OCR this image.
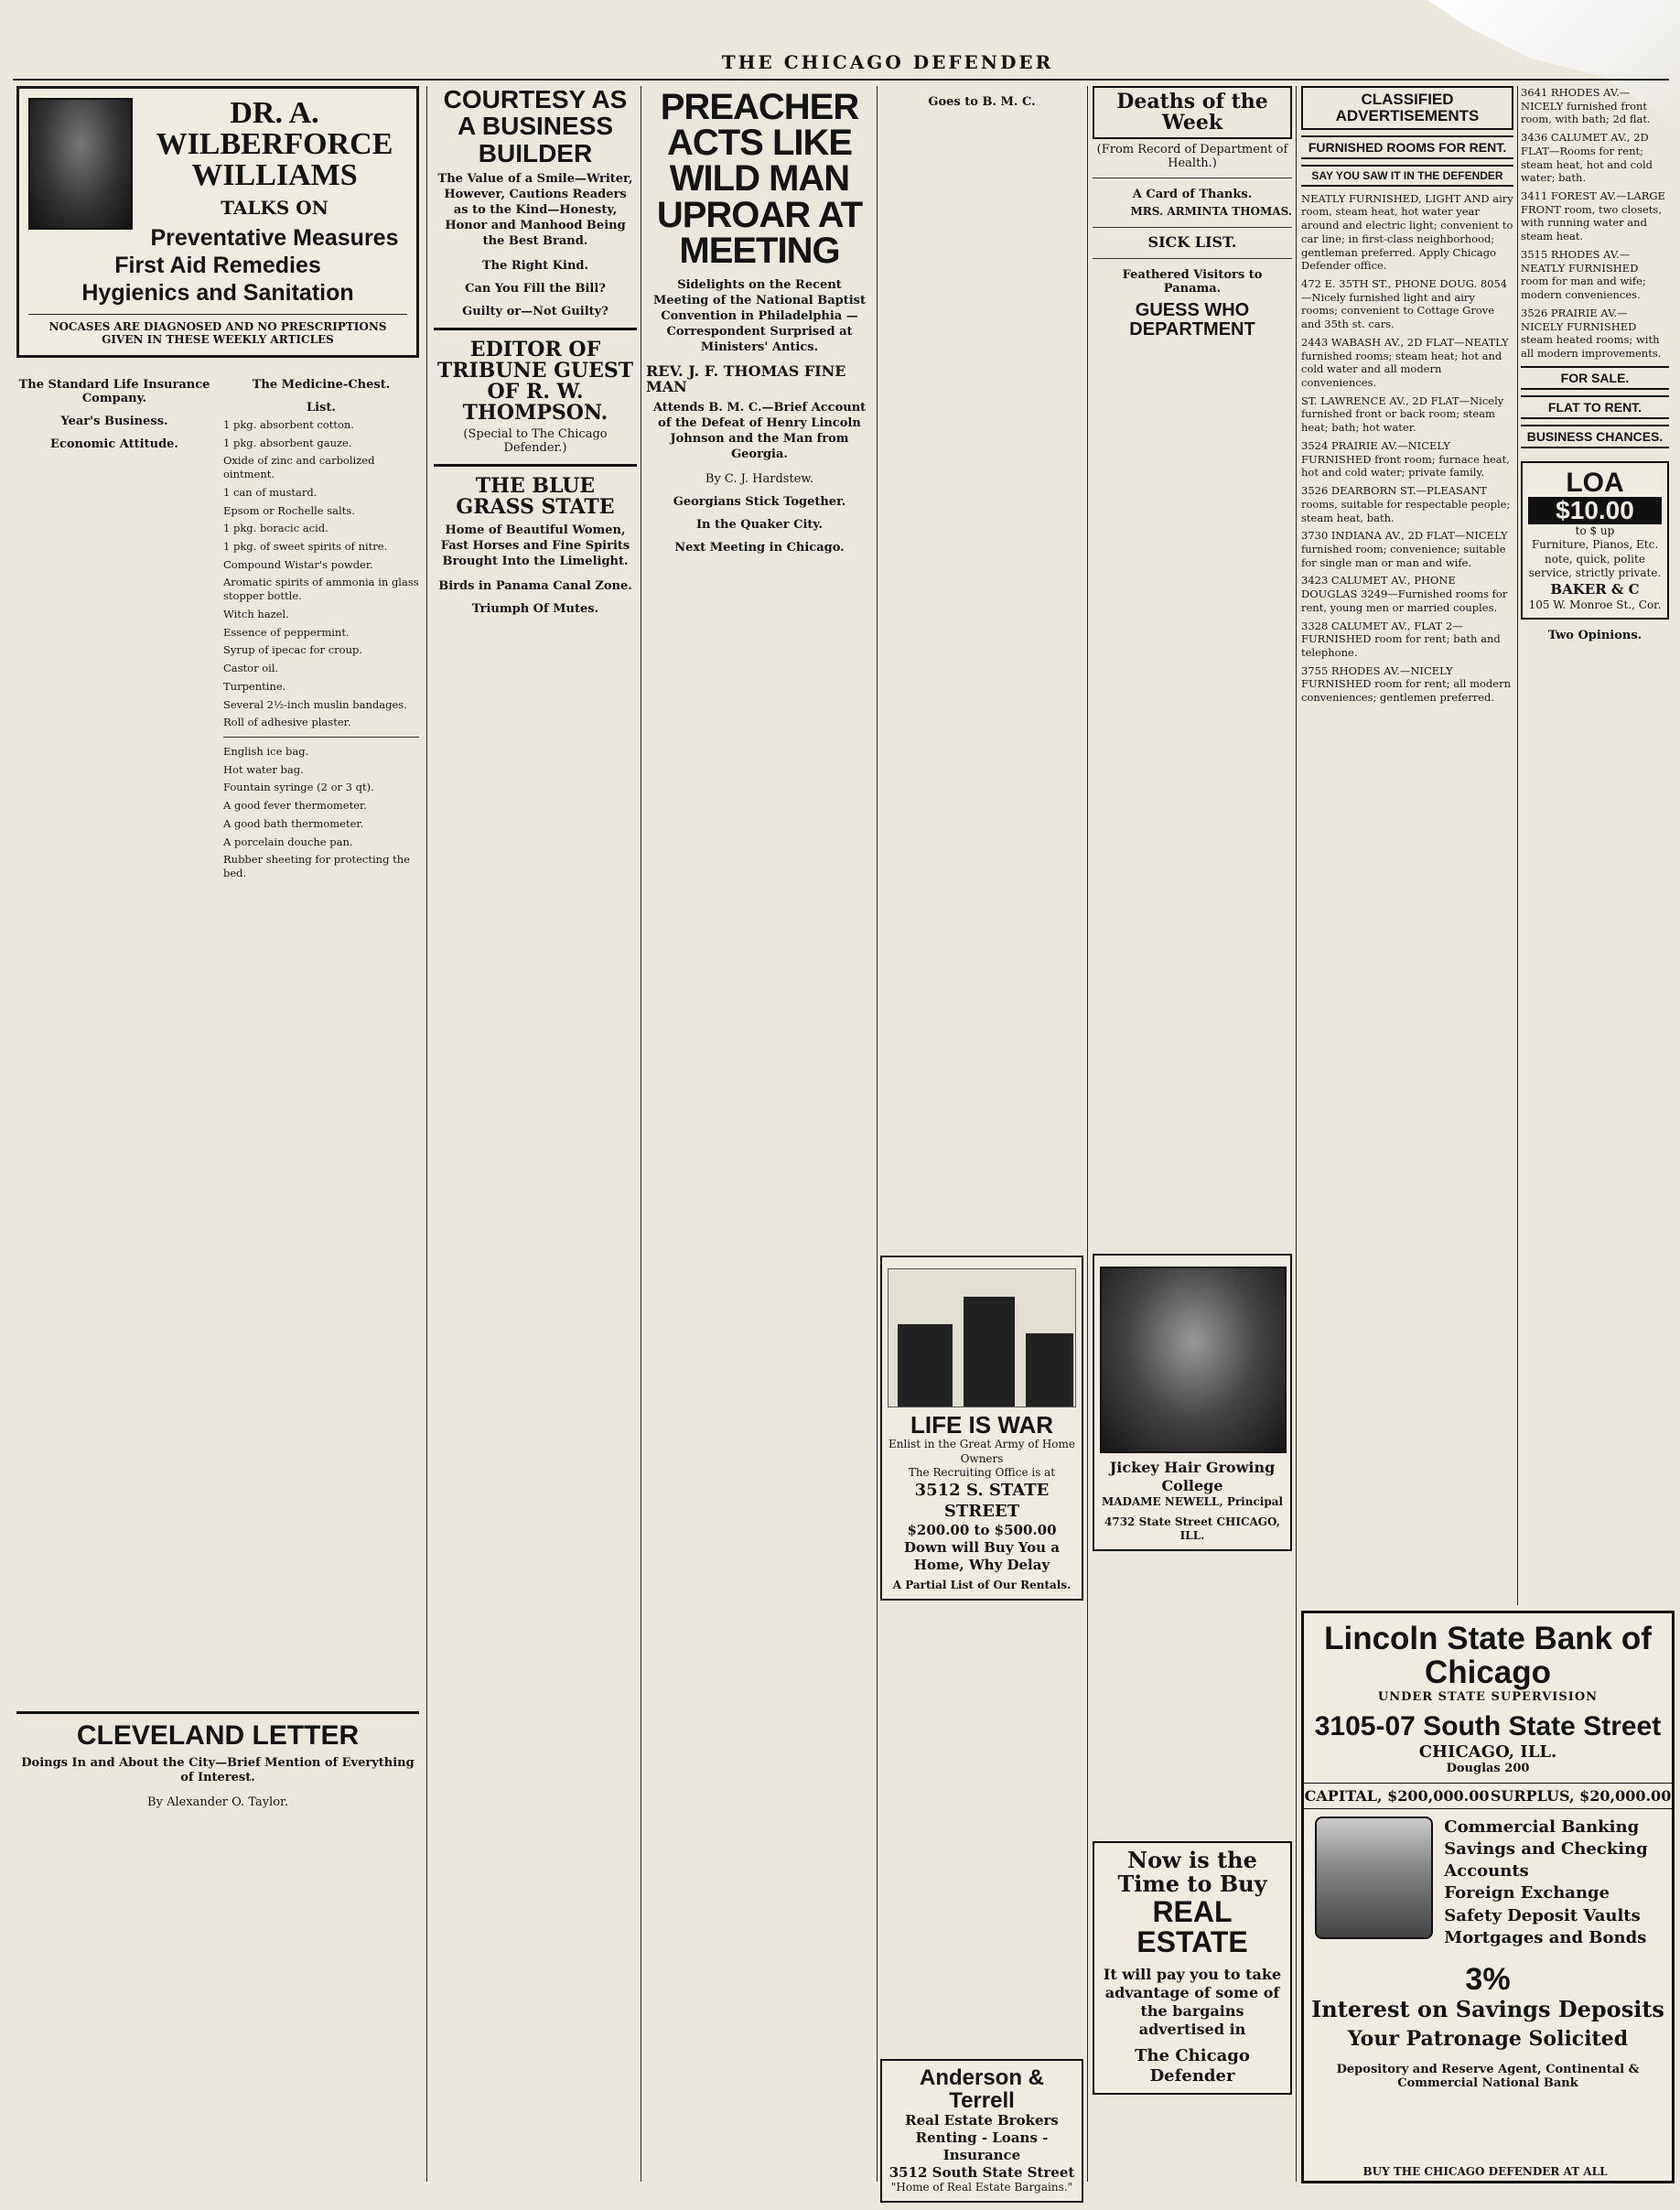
THE CHICAGO DEFENDER
DR. A. WILBERFORCE WILLIAMS
TALKS ON
Preventative Measures
First Aid Remedies
Hygienics and Sanitation
NOCASES ARE DIAGNOSED AND NO PRESCRIPTIONS GIVEN IN THESE WEEKLY ARTICLES
The Standard Life Insurance Company.
Year's Business.
Economic Attitude.
The Medicine-Chest.
List.
1 pkg. absorbent cotton.
1 pkg. absorbent gauze.
Oxide of zinc and carbolized ointment.
1 can of mustard.
Epsom or Rochelle salts.
1 pkg. boracic acid.
1 pkg. of sweet spirits of nitre.
Compound Wistar's powder.
Aromatic spirits of ammonia in glass stopper bottle.
Witch hazel.
Essence of peppermint.
Syrup of ipecac for croup.
Castor oil.
Turpentine.
Several 2½-inch muslin bandages.
Roll of adhesive plaster.
English ice bag.
Hot water bag.
Fountain syringe (2 or 3 qt).
A good fever thermometer.
A good bath thermometer.
A porcelain douche pan.
Rubber sheeting for protecting the bed.
CLEVELAND LETTER
Doings In and About the City—Brief Mention of Everything of Interest.
By Alexander O. Taylor.
COURTESY AS A BUSINESS BUILDER
The Value of a Smile—Writer, However, Cautions Readers as to the Kind—Honesty, Honor and Manhood Being the Best Brand.
The Right Kind.
Can You Fill the Bill?
Guilty or—Not Guilty?
EDITOR OF TRIBUNE GUEST OF R. W. THOMPSON.
(Special to The Chicago Defender.)
THE BLUE GRASS STATE
Home of Beautiful Women, Fast Horses and Fine Spirits Brought Into the Limelight.
Birds in Panama Canal Zone.
Triumph Of Mutes.
PREACHER ACTS LIKE WILD MAN UPROAR AT MEETING
Sidelights on the Recent Meeting of the National Baptist Convention in Philadelphia — Correspondent Surprised at Ministers' Antics.
REV. J. F. THOMAS FINE MAN
Attends B. M. C.—Brief Account of the Defeat of Henry Lincoln Johnson and the Man from Georgia.
By C. J. Hardstew.
Georgians Stick Together.
In the Quaker City.
Next Meeting in Chicago.
Goes to B. M. C.
LIFE IS WAR
Enlist in the Great Army of Home Owners
The Recruiting Office is at
3512 S. STATE STREET
$200.00 to $500.00 Down will Buy You a Home, Why Delay
A Partial List of Our Rentals.
Anderson & Terrell
Real Estate Brokers
Renting - Loans - Insurance
3512 South State Street
"Home of Real Estate Bargains."
Deaths of the Week
(From Record of Department of Health.)
A Card of Thanks.
MRS. ARMINTA THOMAS.
SICK LIST.
Feathered Visitors to Panama.
GUESS WHO DEPARTMENT
Jickey Hair Growing College
MADAME NEWELL, Principal
4732 State Street CHICAGO, ILL.
Now is the Time to Buy
REAL ESTATE
It will pay you to take advantage of some of the bargains advertised in
The Chicago Defender
CLASSIFIED ADVERTISEMENTS
FURNISHED ROOMS FOR RENT.
SAY YOU SAW IT IN THE DEFENDER
NEATLY FURNISHED, LIGHT AND airy room, steam heat, hot water year around and electric light; convenient to car line; in first-class neighborhood; gentleman preferred. Apply Chicago Defender office.
472 E. 35TH ST., PHONE DOUG. 8054—Nicely furnished light and airy rooms; convenient to Cottage Grove and 35th st. cars.
2443 WABASH AV., 2D FLAT—NEATLY furnished rooms; steam heat; hot and cold water and all modern conveniences.
ST. LAWRENCE AV., 2D FLAT—Nicely furnished front or back room; steam heat; bath; hot water.
3524 PRAIRIE AV.—NICELY FURNISHED front room; furnace heat, hot and cold water; private family.
3526 DEARBORN ST.—PLEASANT rooms, suitable for respectable people; steam heat, bath.
3730 INDIANA AV., 2D FLAT—NICELY furnished room; convenience; suitable for single man or man and wife.
3423 CALUMET AV., PHONE DOUGLAS 3249—Furnished rooms for rent, young men or married couples.
3328 CALUMET AV., FLAT 2—FURNISHED room for rent; bath and telephone.
3755 RHODES AV.—NICELY FURNISHED room for rent; all modern conveniences; gentlemen preferred.
3641 RHODES AV.—NICELY furnished front room, with bath; 2d flat.
3436 CALUMET AV., 2D FLAT—Rooms for rent; steam heat, hot and cold water; bath.
3411 FOREST AV.—LARGE FRONT room, two closets, with running water and steam heat.
3515 RHODES AV.—NEATLY FURNISHED room for man and wife; modern conveniences.
3526 PRAIRIE AV.—NICELY FURNISHED steam heated rooms; with all modern improvements.
FOR SALE.
FLAT TO RENT.
BUSINESS CHANCES.
LOA
$10.00
to $ up
Furniture, Pianos, Etc. note, quick, polite service, strictly private.
BAKER & C
105 W. Monroe St., Cor.
Two Opinions.
Lincoln State Bank of Chicago
UNDER STATE SUPERVISION
3105-07 South State Street
CHICAGO, ILL.
Douglas 200
CAPITAL, $200,000.00 SURPLUS, $20,000.00
Commercial Banking
Savings and Checking Accounts
Foreign Exchange
Safety Deposit Vaults
Mortgages and Bonds
3%
Interest on Savings Deposits
Your Patronage Solicited
Depository and Reserve Agent, Continental & Commercial National Bank
BUY THE CHICAGO DEFENDER AT ALL
